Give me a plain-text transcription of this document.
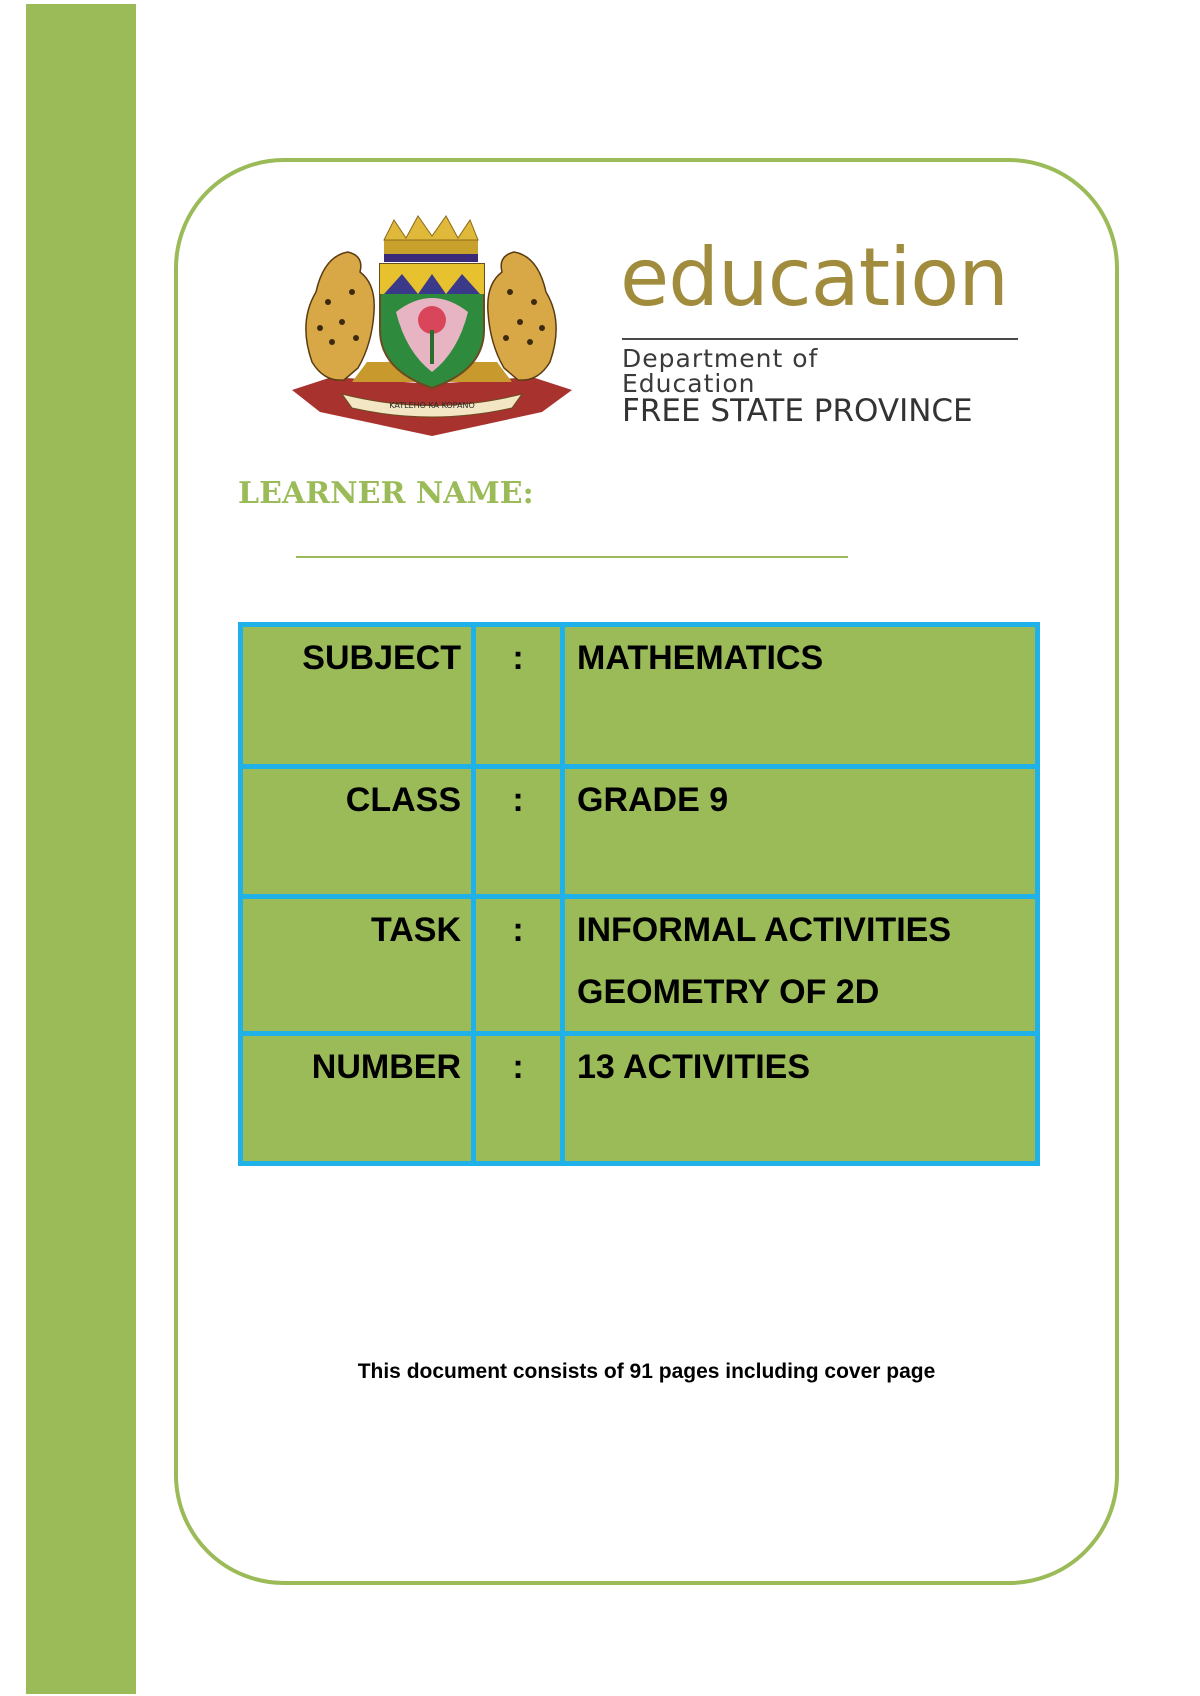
KATLEHO KA KOPANO
education
Department of
Education
FREE STATE PROVINCE
LEARNER NAME:
SUBJECT	:	MATHEMATICS

CLASS	:	GRADE 9

TASK	:	INFORMAL ACTIVITIES
GEOMETRY OF 2D

NUMBER	:	13 ACTIVITIES
This document consists of 91 pages including cover page
